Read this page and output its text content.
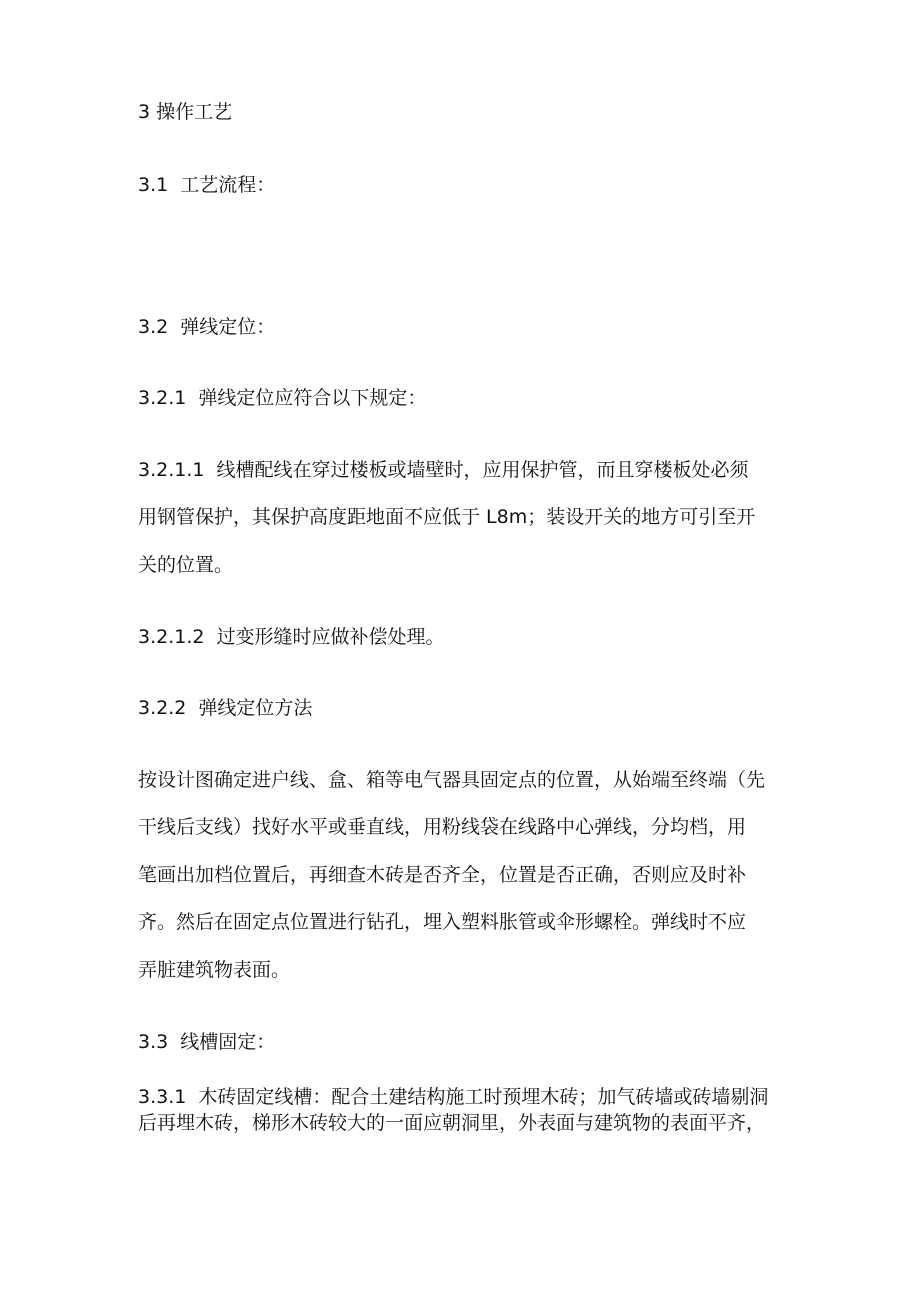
3 操作工艺

3.1  工艺流程：

3.2  弹线定位：

3.2.1  弹线定位应符合以下规定：

3.2.1.1  线槽配线在穿过楼板或墙壁时，应用保护管，而且穿楼板处必须

用钢管保护，其保护高度距地面不应低于 L8m；装设开关的地方可引至开

关的位置。

3.2.1.2  过变形缝时应做补偿处理。

3.2.2  弹线定位方法

按设计图确定进户线、盒、箱等电气器具固定点的位置，从始端至终端（先

干线后支线）找好水平或垂直线，用粉线袋在线路中心弹线，分均档，用

笔画出加档位置后，再细查木砖是否齐全，位置是否正确，否则应及时补

齐。然后在固定点位置进行钻孔，埋入塑料胀管或伞形螺栓。弹线时不应

弄脏建筑物表面。

3.3  线槽固定：

3.3.1  木砖固定线槽：配合土建结构施工时预埋木砖；加气砖墙或砖墙剔洞

后再埋木砖，梯形木砖较大的一面应朝洞里，外表面与建筑物的表面平齐，
